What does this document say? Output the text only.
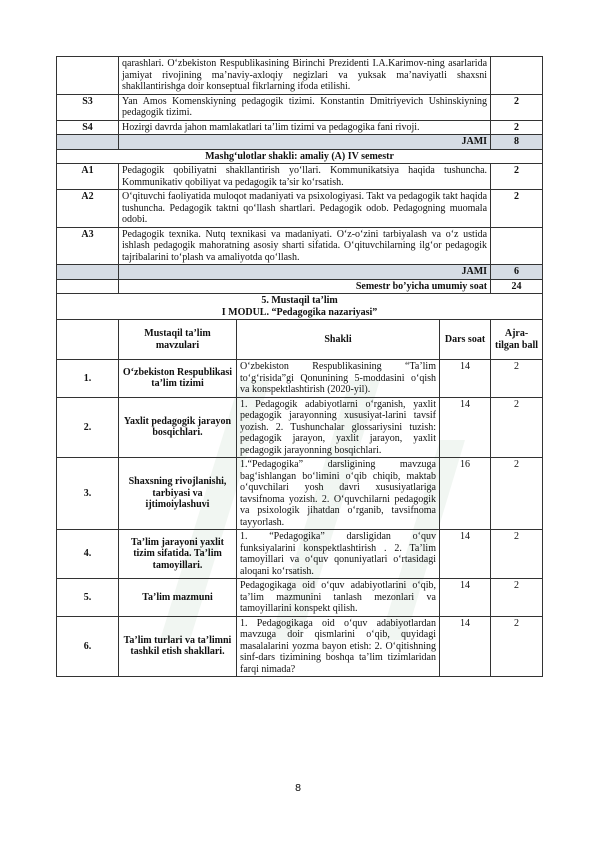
	qarashlari. O‘zbekiston Respublikasining Birinchi Prezidenti I.A.Karimov-ning asarlarida jamiyat rivojining ma’naviy-axloqiy negizlari va yuksak ma’naviyatli shaxsni shakllantirishga doir konseptual fikrlarning ifoda etilishi.			
S3	Yan Amos Komenskiyning pedagogik tizimi. Konstantin Dmitriyevich Ushinskiyning pedagogik tizimi.			2
S4	Hozirgi davrda jahon mamlakatlari ta’lim tizimi va pedagogika fani rivoji.			2
	JAMI			8
Mashg‘ulotlar shakli: amaliy (A) IV semestr				
A1	Pedagogik qobiliyatni shakllantirish yo‘llari. Kommunikatsiya haqida tushuncha. Kommunikativ qobiliyat va pedagogik ta’sir ko‘rsatish.			2
A2	O‘qituvchi faoliyatida muloqot madaniyati va psixologiyasi. Takt va pedagogik takt haqida tushuncha. Pedagogik taktni qo‘llash shartlari. Pedagogik odob. Pedagogning muomala odobi.			2
A3	Pedagogik texnika. Nutq texnikasi va madaniyati. O‘z-o‘zini tarbiyalash va o‘z ustida ishlash pedagogik mahoratning asosiy sharti sifatida. O‘qituvchilarning ilg‘or pedagogik tajribalarini to‘plash va amaliyotda qo‘llash.			
	JAMI			6
	Semestr bo’yicha umumiy soat			24

5. Mustaqil ta’lim
I MODUL. “Pedagogika nazariyasi”				

	Mustaqil ta’lim mavzulari	Shakli	Dars soat	Ajra-tilgan ball
1.	O‘zbekiston Respublikasi ta’lim tizimi	O‘zbekiston Respublikasining “Ta’lim to‘g‘risida”gi Qonunining 5-moddasini o‘qish va konspektlashtirish (2020-yil).	14	2
2.	Yaxlit pedagogik jarayon bosqichlari.	1. Pedagogik adabiyotlarni o‘rganish, yaxlit pedagogik jarayonning xususiyat-larini tavsif yozish. 2. Tushunchalar glossariysini tuzish: pedagogik jarayon, yaxlit jarayon, yaxlit pedagogik jarayonning bosqichlari.	14	2
3.	Shaxsning rivojlanishi, tarbiyasi va ijtimoiylashuvi	1.“Pedagogika” darsligining mavzuga bag‘ishlangan bo‘limini o‘qib chiqib, maktab o‘quvchilari yosh davri xususiyatlariga tavsifnoma yozish. 2. O‘quvchilarni pedagogik va psixologik jihatdan o‘rganib, tavsifnoma tayyorlash.	16	2
4.	Ta’lim jarayoni yaxlit tizim sifatida. Ta’lim tamoyillari.	1. “Pedagogika” darsligidan o‘quv funksiyalarini konspektlashtirish . 2. Ta’lim tamoyillari va o‘quv qonuniyatlari o‘rtasidagi aloqani ko‘rsatish.	14	2
5.	Ta’lim mazmuni	Pedagogikaga oid o‘quv adabiyotlarini o‘qib, ta’lim mazmunini tanlash mezonlari va tamoyillarini konspekt qilish.	14	2
6.	Ta’lim turlari va ta’limni tashkil etish shakllari.	1. Pedagogikaga oid o‘quv adabiyotlardan mavzuga doir qismlarini o‘qib, quyidagi masalalarini yozma bayon etish: 2. O‘qitishning sinf-dars tizimining boshqa ta’lim tizimlaridan farqi nimada?	14	2
8
